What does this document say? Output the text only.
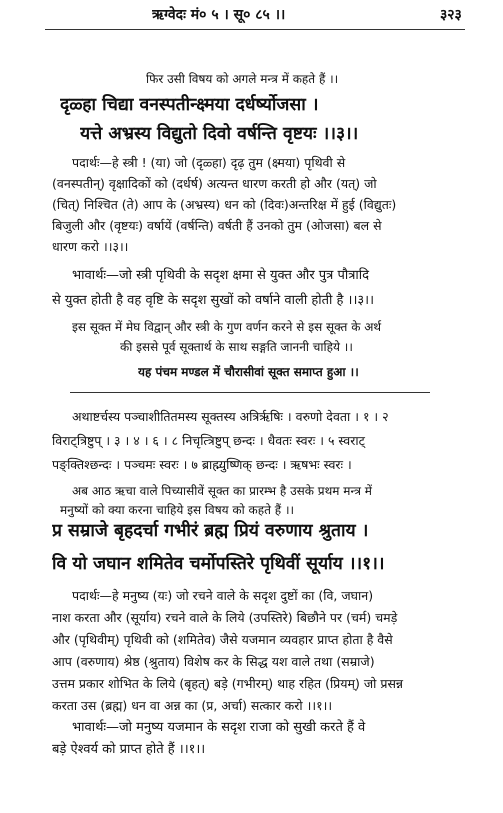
ऋग्वेदः मं० ५ । सू० ८५ ।।	३२३
फिर उसी विषय को अगले मन्त्र में कहते हैं ।।
दृळ्हा चिद्या वनस्पतीन्क्ष्मया दर्धर्ष्योजसा ।
यत्ते अभ्रस्य विद्युतो दिवो वर्षन्ति वृष्टयः ।।३।।
पदार्थः—हे स्त्री ! (या) जो (दृळ्हा) दृढ़ तुम (क्ष्मया) पृथिवी से
(वनस्पतीन्) वृक्षादिकों को (दर्धर्ष) अत्यन्त धारण करती हो और (यत्) जो
(चित्) निश्चित (ते) आप के (अभ्रस्य) धन को (दिवः)अन्तरिक्ष में हुई (विद्युतः)
बिजुली और (वृष्टयः) वर्षायें (वर्षन्ति) वर्षती हैं उनको तुम (ओजसा) बल से
धारण करो ।।३।।
भावार्थः—जो स्त्री पृथिवी के सदृश क्षमा से युक्त और पुत्र पौत्रादि
से युक्त होती है वह वृष्टि के सदृश सुखों को वर्षाने वाली होती है ।।३।।
इस सूक्त में मेघ विद्वान् और स्त्री के गुण वर्णन करने से इस सूक्त के अर्थ
की इससे पूर्व सूक्तार्थ के साथ सङ्गति जाननी चाहिये ।।
यह पंचम मण्डल में चौरासीवां सूक्त समाप्त हुआ ।।
अथाष्टर्चस्य पञ्चाशीतितमस्य सूक्तस्य अत्रिर्ऋषिः । वरुणो देवता । १ । २
विराट्त्रिष्टुप् । ३ । ४ । ६ । ८ निचृत्त्रिष्टुप् छन्दः । धैवतः स्वरः । ५ स्वराट्
पङ्क्तिश्छन्दः । पञ्चमः स्वरः । ७ ब्राह्म्युष्णिक् छन्दः । ऋषभः स्वरः ।
अब आठ ऋचा वाले पिच्यासीवें सूक्त का प्रारम्भ है उसके प्रथम मन्त्र में
मनुष्यों को क्या करना चाहिये इस विषय को कहते हैं ।।
प्र सम्राजे बृहदर्चा गभीरं ब्रह्म प्रियं वरुणाय श्रुताय ।
वि यो जघान शमितेव चर्मोपस्तिरे पृथिवीं सूर्याय ।।१।।
पदार्थः—हे मनुष्य (यः) जो रचने वाले के सदृश दुष्टों का (वि, जघान)
नाश करता और (सूर्याय) रचने वाले के लिये (उपस्तिरे) बिछौने पर (चर्म) चमड़े
और (पृथिवीम्) पृथिवी को (शमितेव) जैसे यजमान व्यवहार प्राप्त होता है वैसे
आप (वरुणाय) श्रेष्ठ (श्रुताय) विशेष कर के सिद्ध यश वाले तथा (सम्राजे)
उत्तम प्रकार शोभित के लिये (बृहत्) बड़े (गभीरम्) थाह रहित (प्रियम्) जो प्रसन्न
करता उस (ब्रह्म) धन वा अन्न का (प्र, अर्चा) सत्कार करो ।।१।।
भावार्थः—जो मनुष्य यजमान के सदृश राजा को सुखी करते हैं वे
बड़े ऐश्वर्य को प्राप्त होते हैं ।।१।।
